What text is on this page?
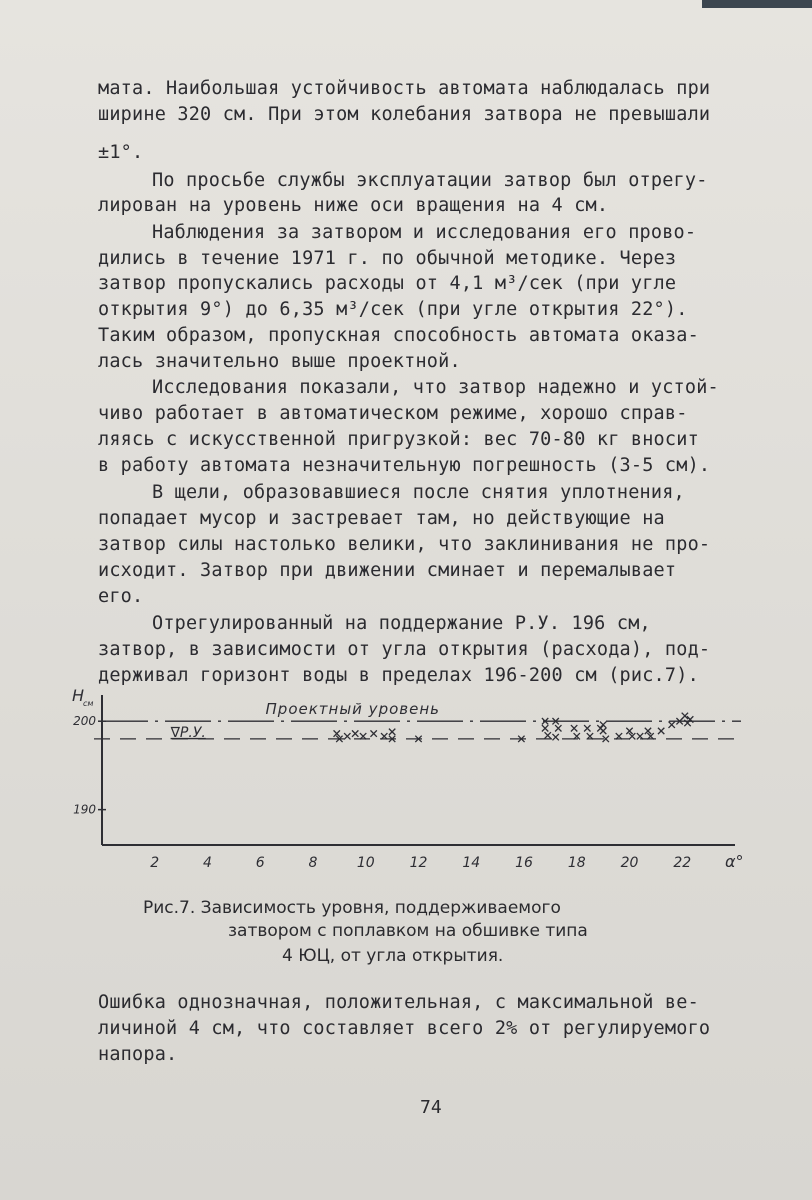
мата. Наибольшая устойчивость автомата наблюдалась при
ширине 320 см. При этом колебания затвора не превышали
±1°.
По просьбе службы эксплуатации затвор был отрегу-
лирован на уровень ниже оси вращения на 4 см.
Наблюдения за затвором и исследования его прово-
дились в течение 1971 г. по обычной методике. Через
затвор пропускались расходы от 4,1 м³/сек (при угле
открытия 9°) до 6,35 м³/сек (при угле открытия 22°).
Таким образом, пропускная способность автомата оказа-
лась значительно выше проектной.
Исследования показали, что затвор надежно и устой-
чиво работает в автоматическом режиме, хорошо справ-
ляясь с искусственной пригрузкой: вес 70-80 кг вносит
в работу автомата незначительную погрешность (3-5 см).
В щели, образовавшиеся после снятия уплотнения,
попадает мусор и застревает там, но действующие на
затвор силы настолько велики, что заклинивания не про-
исходит. Затвор при движении сминает и перемалывает
его.
Отрегулированный на поддержание Р.У. 196 см,
затвор, в зависимости от угла открытия (расхода), под-
держивал горизонт воды в пределах 196-200 см (рис.7).
2	4	6	8	10 12 14 16 18 20 22
200
190
H
см
α°
Проектный уровень
∇Р.У.
Рис.7. Зависимость уровня, поддерживаемого
затвором с поплавком на обшивке типа
4 ЮЦ, от угла открытия.
Ошибка однозначная, положительная, с максимальной ве-
личиной 4 см, что составляет всего 2% от регулируемого
напора.
74
